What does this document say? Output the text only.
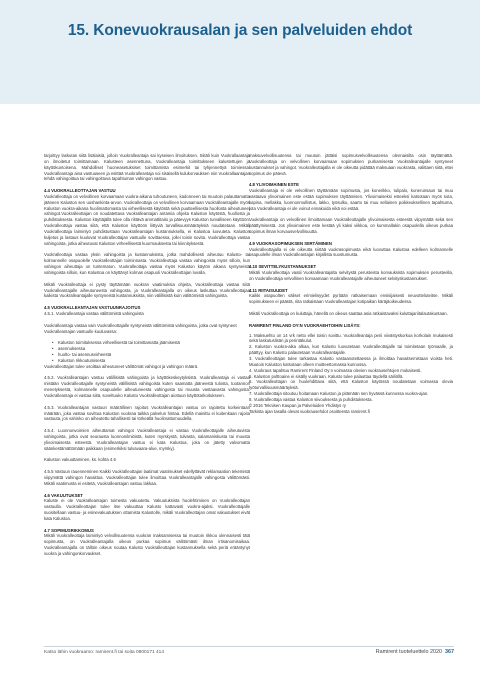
15. Konevuokrausalan ja sen palveluiden ehdot
tarjoittyy laskutan siitä lisälaisiä, jolloin Vuokralleantaja sai kyseisen ilmoituksen. Siitäli kuin Vuokrallaantaja on ilmoitetut toimittamaan. Kalusteen asennettuna, Vuokralleantaja toimittukseen kalustettujen ja käyttökuntoisena. Mahdolliset huoneasetuksiset toimittamista esimerkit tai tyhjennettyä toimiessa. Vuokralleantaja aina vastuuseen ja esittää Vuokralleantaja voi sisäisellä kulukorvauksen niin Vuokrallaantajan tehdä vahingoittua tai vahingoittuva tapahtuman vahingon vastuu.
4.4 VUOKRALLEOTTAJAN VASTUU
Vuokralleottaja on velvollinen korvaamaan vuokra-aikana tuhoutuneen, kadonneen tai muutoin palauttamatta jääneen Kaluston sen uushankinta-arvon. Vuokralleottaja on velvollinen korvaamaan Vuokralleantajalle myös Kaluston vuokra-aikana huolimattomasta tai virheellisestä käytöstä sekä puutteellisesta huollosta aiheutuneet vahingot.Vuokralleottajan on noudatettava Vuokralleantajan antamia ohjeita Kaluston käytöstä, huollosta ja puhdistuksesta. Kaluston käyttäjällä tulee olla riittävä ammattitaito ja pätevyys Kaluston turvalliseen käyttöön. Vuokralleottaja vastaa siitä, että Kaluston käyttöön liittyviä turvallisuusmääräyksiä noudatetaan. Mikäli Vuokralleottaja laiminlyö puhdistustaan Vuokralleantajan kustannuksella, ei Kalustoa luovuteta. Kaluston kuljetus ja lastaus kuuluvat Vuokralleottajan vastuulle sovittaessa, jollei toisin sovita. Vuokralleottaja vastaa vahingoista, jotka aiheutuvat Kaluston virheellisestä kuormauksesta tai kiinnityksestä.
Vuokralleottaja vastaa yksin vahingoista ja kustannuksista, jotka mahdollisesti aiheutuu Kalusto- tai kolmannelle osapuolelle Vuokralleottajan toiminnasta. Vuokralleottaja vastaa vahingoista myös silloin, kun vahingon aiheuttaja on tuntematon. Vuokralleottaja vastaa myös Kaluston käytön aikana syntyneistä vahingoista silloin, kun Kalustoa on käyttänyt kolmas osapuoli Vuokralleottajan luvalla.
Mikäli Vuokralleottaja ei pysty täyttämään vuokran vaatimuksia ohjeita, Vuokralleottaja vastaa siitä Vuokralleantajalle aiheutuneesta vahingosta, ja Vuokralleantajalla on oikeus laskuttaa Vuokralleottajaa kaikista Vuokralleantajalle syntyneistä kustannuksista, niin välillisistä kuin välittömistä vahingoista.
4.5 VUOKRALLEANTAJAN VASTUUNRAJOITUS
4.5.1. Vuokralleantaja vastaa välittömistä vahingoista
Vuokralleantaja vastaa vain Vuokralleottajalle syntyneistä välittömistä vahingoista, jotka ovat syntyneet Vuokralleantajan vastuulle kuuluvassa:
• Kaluston toimituksessa virheellisestä tai toimittamatta jäämisestä
• asennuksessa
• huolto- tai asennusvirheestä
• Kaluston rikkoutumisesta
Vuokralleottajan tulee osoittaa aiheutuneet välittömät vahingot ja vahingon määrä.
4.5.2. Vuokralleantajan vastuu välillisistä vahingoista ja käyttökeskeytyksistä. Vuokralleantaja ei vastaa mistään Vuokralleottajalle syntyneistä välillisistä vahingoista kuten saamatta jääneestä tulosta, tuotannon menetyksestä, kolmannelle osapuolelle aiheutuneesta vahingosta tai muusta vastaavasta vahingosta. Vuokralleantaja ei vastaa siitä, soveltuuko Kalusto Vuokralleottajan aiottuun käyttötarkoitukseen.
4.5.3. Vuokralleantajan vastuun määrällinen rajoitus Vuokralleantajan vastuu on rajoitettu korkeintaan määrään, joka vastaa sovittua Kaluston vuokraa taikka palvelun hintaa. Edellä mainittu ei kuitenkaan rajoita vastuuta, jos vahinko on aiheutettu tahallisesti tai törkeällä huolimattomuudella.
4.5.4. Luonnonvoimien aiheuttamat vahingot Vuokralleantaja ei vastaa Vuokralleottajalle aiheutuvista vahingoista, jotka ovat seurausta luonnonilmiöistä, kuten myrskystä, tulvasta, salamaniskusta tai muusta ylivoimaisesta esteestä. Vuokralleantajan vastuu ei kata Kalustoa, joka on jätetty valvomatta säänkestämättömään paikkaan (esimerkiksi tulvavaara-alue, myrsky).
Kaluston vakuuttaminen, ks. kohta 4.6
4.5.5 Vastuun rauenneminen Kaikki Vuokralleottajan laatimat vaatimukset edellyttävät reklamaation tekemistä viipymättä vahingon havaittua. Vuokralleottajan tulee ilmoittaa Vuokralleantajalle vahingosta välittömästi. Mikäli vaatimusta ei esitetä, Vuokralleantajan vastuu lakkaa.
4.6 VAKUUTUKSET
Kaluste ei ole Vuokralleantajan toimesta vakuutettu. Vakuutuksista huolehtiminen on Vuokralleottajan vastuulla. Vuokralleottajan tulee itse vakuuttaa Kalusto kattavasti vuokra-ajaksi. Vuokralleottajalle suositellaan vastuu- ja esinevakuutuksen ottamista Kalustolle, mikäli Vuokralleottajan omat vakuutukset eivät kata Kalustoa.
4.7 SOPIMUSRIKKOMUS
Mikäli Vuokralleottaja laiminlyö velvollisuutensa vuokran maksamisessa tai muutoin rikkoo olennaisesti tätä sopimusta, on Vuokralleantajalla oikeus purkaa sopimus välittömästi ilman irtisanomisaikaa. Vuokralleantajalla on tällöin oikeus noutaa Kalusto Vuokralleottajan kustannuksella sekä periä erääntynyt vuokra ja vahingonkorvaukset.
maksuvelvollisuutensa tai muutoin jättäisi sopimusvelvollisuutensa olennaisilta osin täyttämättä. Vuokralleottaja on velvollinen korvaamaan sopimuksen purkamisesta Vuokralleantajalle syntyneet kustannukset ja vahingot. Vuokralleottajalla ei ole oikeutta pidättää maksuaan vuokrasta, valittaen siitä, ettei sopimus ole pätevä.
4.8 YLIVOIMAINEN ESTE
Vuokralleantaja ei ole velvollinen täyttämään sopimusta, jos konerikko, tulipalo, konerunsaus tai muu vastaava ylivoimainen este estää sopimuksen täyttämisen. Ylivoimaiseksi esteeksi katsotaan myös sota, kapina, mellakka, luonnonmullistus, lakko, työsulku, saarto tai muu sellainen poikkeuksellinen tapahtuma, jota Vuokralleantaja ei ole voinut ennakoida eikä voi estää.
Vuokralleantaja on velvollinen ilmoittamaan Vuokralleottajalle ylivoimaisesta esteestä viipymättä sekä sen päättymisestä. Jos ylivoimainen este kestää yli kaksi viikkoa, on kummallakin osapuolella oikeus purkaa sopimus ilman korvausvelvollisuutta.
4.9 VUOKRASOPIMUKSEN SIIRTÄMINEN
Vuokralleottajalla ei ole oikeutta siirtää vuokrasopimusta eikä luovuttaa Kalustoa edelleen kolmannelle osapuolelle ilman Vuokralleantajan kirjallista suostumusta.
4.10 SEVITTELYKUSTANNUKSET
Mikäli Vuokralleottaja vaatii Vuokralleantajalta selvitystä perusteista korvauksista sopimuksen perusteella, on Vuokralleottaja velvollinen korvaamaan Vuokralleantajalle aiheutuneet selvityskustannukset.
4.11 RIITAISUUDET
Kaikki osapuolten väliset erimielisyydet pyritään ratkaisemaan ensisijaisesti neuvotteluteitse. Mikäli sopimukseen ei päästä, riita ratkaistaan Vuokralleantajan kotipaikan käräjäoikeudessa.
Mikäli Vuokralleottaja on kuluttaja, hänellä on oikeus saattaa asia ratkaistavaksi kuluttajariitalautakuntaan.
RAMIRENT FINLAND OY:N VUOKRAEHTOIHIN LISÄYS:
1. Maksuehto on 14 vrk netto ellei toisin sovittu. Vuokralleantaja perii viivästyskorkoa korkolain mukaisesti sekä laskutuslisän ja perintäkulut.
2. Kaluston vuokra-aika alkaa, kun Kalusto luovutetaan Vuokralleottajalle tai toimitetaan työmaalle, ja päättyy, kun Kalusto palautetaan Vuokralleantajalle.
3. Vuokralleottajan tulee tarkastaa Kalusto vastaanotettaessa ja ilmoittaa havaitsemistaan vioista heti. Muutoin Kaluston katsotaan olleen moitteettomassa kunnossa.
4. Vuokraus tapahtuu Ramirent Finland Oy:n voimassa olevien vuokrausehtojen mukaisesti.
5. Kaluston polttoaine ei sisälly vuokraan. Kalusto tulee palauttaa täydellä säiliöllä.
6. Vuokralleottajan on huolehdittava siitä, että Kaluston käytössä noudatetaan voimassa olevia työturvallisuusmääräyksiä.
7. Vuokralleottaja sitoutuu hoitamaan Kaluston ja pitämään sen hyvässä kunnossa vuokra-ajan.
8. Vuokralleottaja vastaa Kaluston siivouksesta ja puhdistuksesta.
© 2016 Teknisen Kaupan ja Palveluiden Yhdistys ry
Tarkista ajan tasalla olevat vuokrausehdot osoitteesta ramirent.fi
Katso lähin vuokraamo: ramirent.fi tai soita 0800171 414	Ramirent tuoteluettelo 2020 367
